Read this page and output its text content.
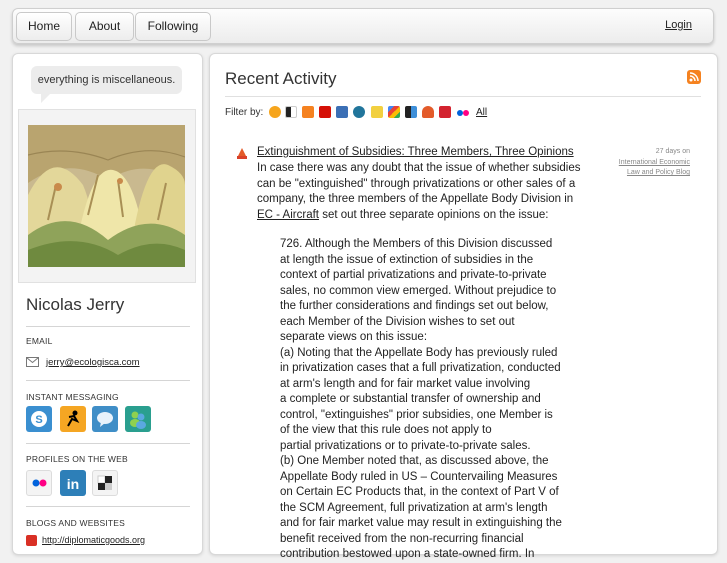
Home	About	Following	Login
everything is miscellaneous.
Nicolas Jerry
EMAIL
jerry@ecologisca.com
INSTANT MESSAGING
S
PROFILES ON THE WEB
in
BLOGS AND WEBSITES
http://diplomaticgoods.org
Recent Activity
Filter by:	All
Extinguishment of Subsidies: Three Members, Three Opinions
In case there was any doubt that the issue of whether subsidies can be "extinguished" through privatizations or other sales of a company, the three members of the Appellate Body Division in EC - Aircraft set out three separate opinions on the issue:
726. Although the Members of this Division discussed
at length the issue of extinction of subsidies in the
context of partial privatizations and private-to-private
sales, no common view emerged. Without prejudice to
the further considerations and findings set out below,
each Member of the Division wishes to set out
separate views on this issue:
(a) Noting that the Appellate Body has previously ruled
in privatization cases that a full privatization, conducted
at arm's length and for fair market value involving
a complete or substantial transfer of ownership and
control, "extinguishes" prior subsidies, one Member is
of the view that this rule does not apply to
partial privatizations or to private-to-private sales.
(b) One Member noted that, as discussed above, the
Appellate Body ruled in US – Countervailing Measures
on Certain EC Products that, in the context of Part V of
the SCM Agreement, full privatization at arm's length
and for fair market value may result in extinguishing the
benefit received from the non-recurring financial
contribution bestowed upon a state-owned firm. In
27 days on
International Economic Law and Policy Blog
